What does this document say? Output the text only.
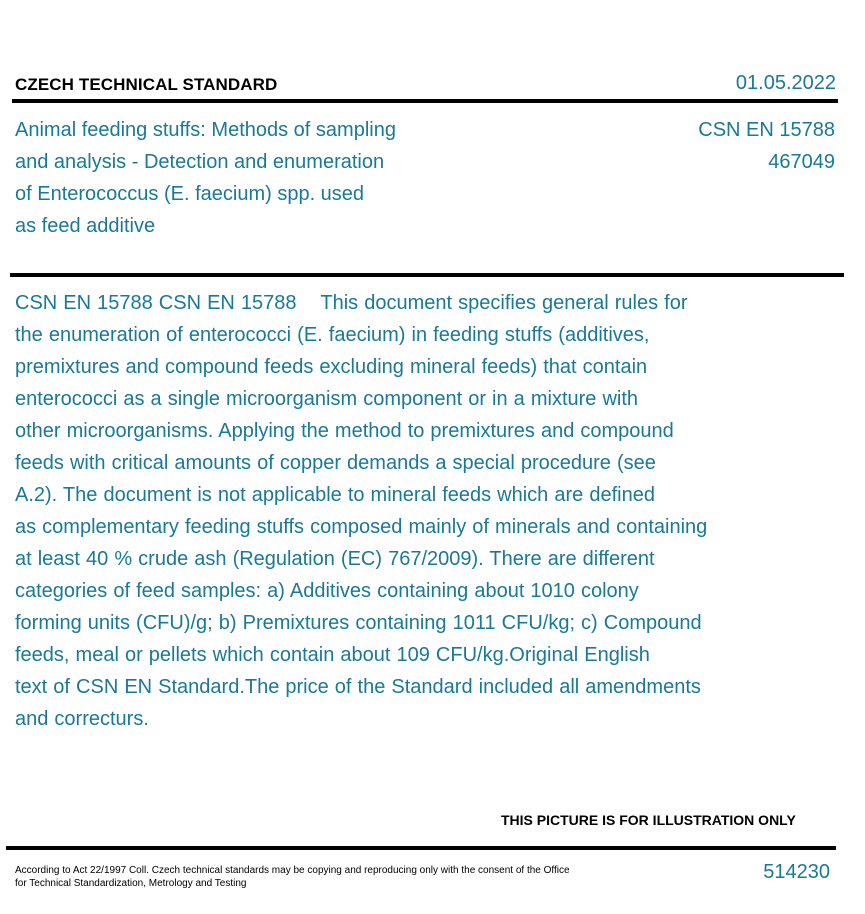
CZECH TECHNICAL STANDARD	01.05.2022
Animal feeding stuffs: Methods of sampling
and analysis - Detection and enumeration
of Enterococcus (E. faecium) spp. used
as feed additive
CSN EN 15788
467049
CSN EN 15788 CSN EN 15788    This document specifies general rules for
the enumeration of enterococci (E. faecium) in feeding stuffs (additives,
premixtures and compound feeds excluding mineral feeds) that contain
enterococci as a single microorganism component or in a mixture with
other microorganisms. Applying the method to premixtures and compound
feeds with critical amounts of copper demands a special procedure (see
A.2). The document is not applicable to mineral feeds which are defined
as complementary feeding stuffs composed mainly of minerals and containing
at least 40 % crude ash (Regulation (EC) 767/2009). There are different
categories of feed samples: a) Additives containing about 1010 colony
forming units (CFU)/g; b) Premixtures containing 1011 CFU/kg; c) Compound
feeds, meal or pellets which contain about 109 CFU/kg.Original English
text of CSN EN Standard.The price of the Standard included all amendments
and correcturs.
THIS PICTURE IS FOR ILLUSTRATION ONLY
According to Act 22/1997 Coll. Czech technical standards may be copying and reproducing only with the consent of the Office
for Technical Standardization, Metrology and Testing
514230
